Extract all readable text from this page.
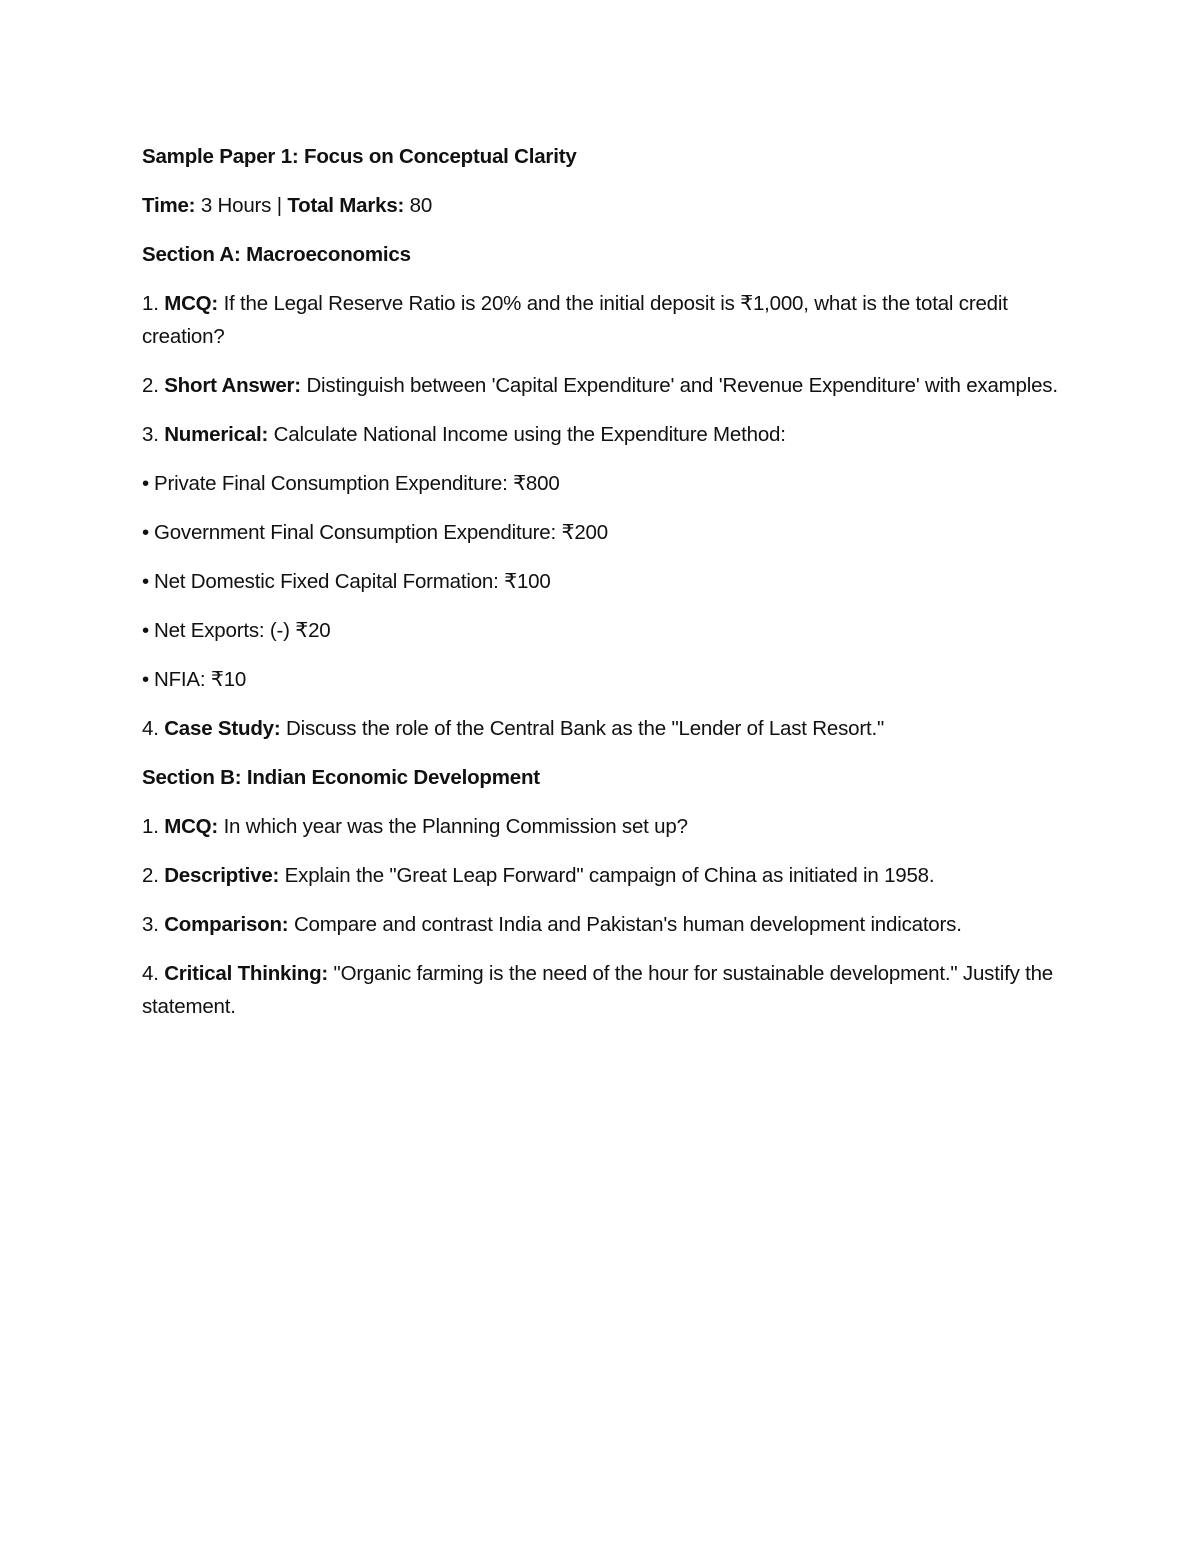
Sample Paper 1: Focus on Conceptual Clarity

Time: 3 Hours | Total Marks: 80

Section A: Macroeconomics

1. MCQ: If the Legal Reserve Ratio is 20% and the initial deposit is ₹1,000, what is the total credit creation?

2. Short Answer: Distinguish between 'Capital Expenditure' and 'Revenue Expenditure' with examples.

3. Numerical: Calculate National Income using the Expenditure Method:

• Private Final Consumption Expenditure: ₹800

• Government Final Consumption Expenditure: ₹200

• Net Domestic Fixed Capital Formation: ₹100

• Net Exports: (-) ₹20

• NFIA: ₹10

4. Case Study: Discuss the role of the Central Bank as the "Lender of Last Resort."

Section B: Indian Economic Development

1. MCQ: In which year was the Planning Commission set up?

2. Descriptive: Explain the "Great Leap Forward" campaign of China as initiated in 1958.

3. Comparison: Compare and contrast India and Pakistan's human development indicators.

4. Critical Thinking: "Organic farming is the need of the hour for sustainable development." Justify the statement.
